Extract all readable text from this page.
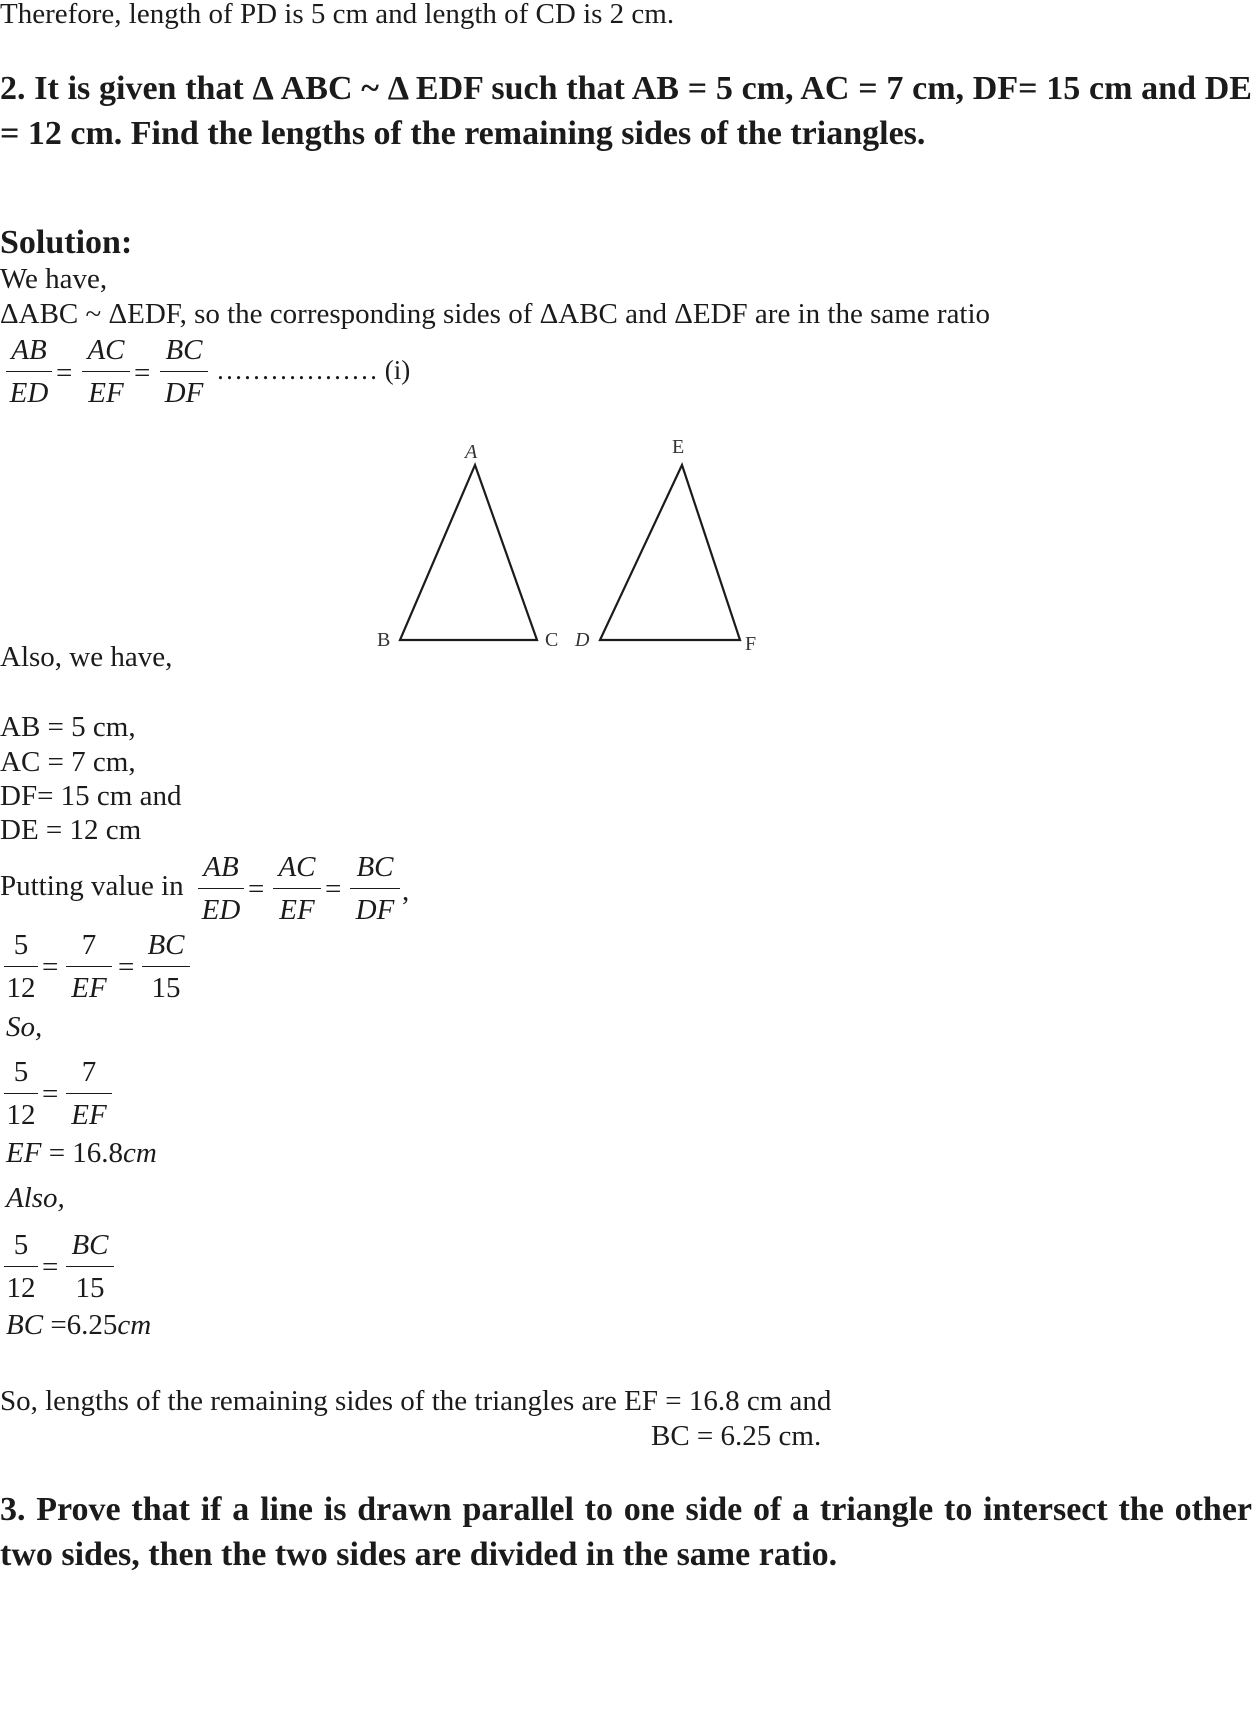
Therefore, length of PD is 5 cm and length of CD is 2 cm.
2. It is given that Δ ABC ~ Δ EDF such that AB = 5 cm, AC = 7 cm, DF= 15 cm and DE = 12 cm. Find the lengths of the remaining sides of the triangles.
Solution:
We have,
ΔABC ~ ΔEDF, so the corresponding sides of ΔABC and ΔEDF are in the same ratio
AB
ED
=
AC
EF
=
BC
DF
……………… (i)
A
B	C
E
D	F
Also, we have,
AB = 5 cm,
AC = 7 cm,
DF= 15 cm and
DE = 12 cm
Putting value in
AB
ED
=
AC
EF
=
BC
DF
,
5
12
=
7
EF
=
BC
15
So,
5
12
=
7
EF
EF = 16.8cm
Also,
5
12
=
BC
15
BC =6.25cm
So, lengths of the remaining sides of the triangles are EF = 16.8 cm and
BC = 6.25 cm.
3. Prove that if a line is drawn parallel to one side of a triangle to intersect the other two sides, then the two sides are divided in the same ratio.
